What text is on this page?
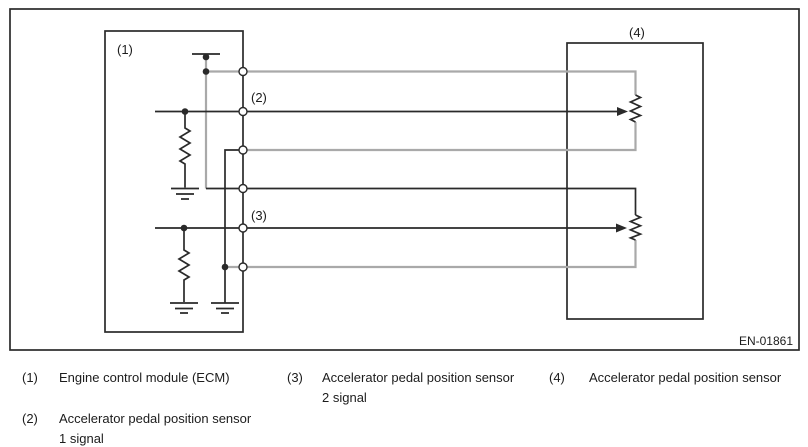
(1)
(2)
(3)
(4)
EN-01861
(1)	Engine control module (ECM)
(2)	Accelerator pedal position sensor
1 signal
(3)	Accelerator pedal position sensor
2 signal
(4)	Accelerator pedal position sensor
